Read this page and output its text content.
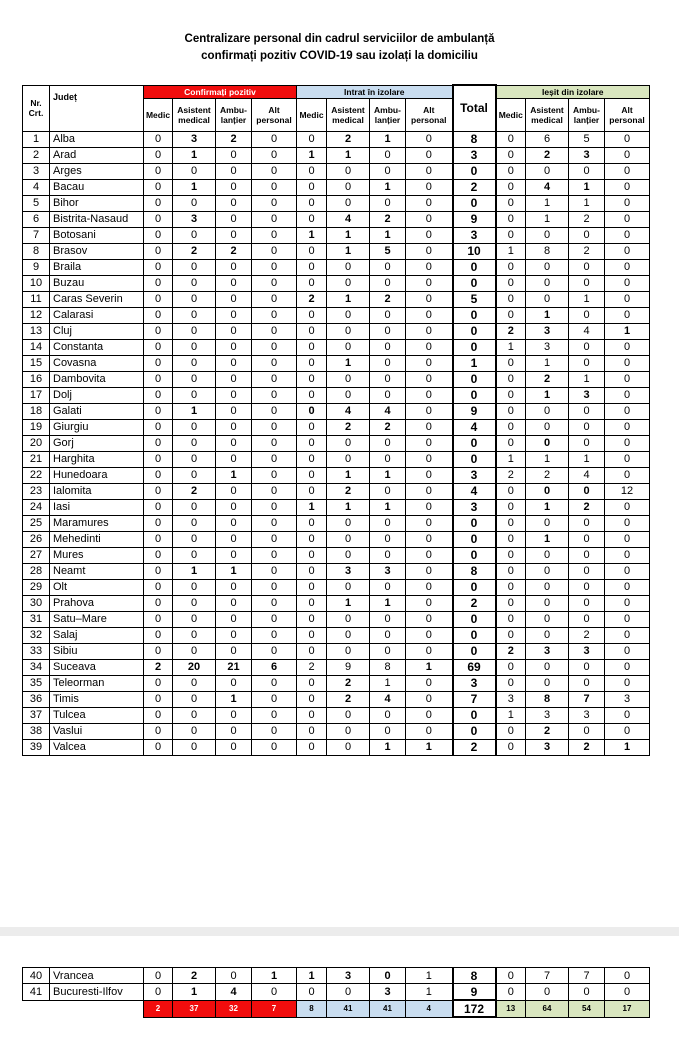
Centralizare personal din cadrul serviciilor de ambulanță
confirmați pozitiv COVID-19 sau izolați la domiciliu
Nr. Crt.	Județ	Confirmați pozitiv				Intrat în izolare				Total	Ieșit din izolare			
		Medic	Asistent medical	Ambu-lanțier	Alt personal	Medic	Asistent medical	Ambu-lanțier	Alt personal		Medic	Asistent medical	Ambu-lanțier	Alt personal
1	Alba	0	3	2	0	0	2	1	0	8	0	6	5	0
2	Arad	0	1	0	0	1	1	0	0	3	0	2	3	0
3	Arges	0	0	0	0	0	0	0	0	0	0	0	0	0
4	Bacau	0	1	0	0	0	0	1	0	2	0	4	1	0
5	Bihor	0	0	0	0	0	0	0	0	0	0	1	1	0
6	Bistrita-Nasaud	0	3	0	0	0	4	2	0	9	0	1	2	0
7	Botosani	0	0	0	0	1	1	1	0	3	0	0	0	0
8	Brasov	0	2	2	0	0	1	5	0	10	1	8	2	0
9	Braila	0	0	0	0	0	0	0	0	0	0	0	0	0
10	Buzau	0	0	0	0	0	0	0	0	0	0	0	0	0
11	Caras Severin	0	0	0	0	2	1	2	0	5	0	0	1	0
12	Calarasi	0	0	0	0	0	0	0	0	0	0	1	0	0
13	Cluj	0	0	0	0	0	0	0	0	0	2	3	4	1
14	Constanta	0	0	0	0	0	0	0	0	0	1	3	0	0
15	Covasna	0	0	0	0	0	1	0	0	1	0	1	0	0
16	Dambovita	0	0	0	0	0	0	0	0	0	0	2	1	0
17	Dolj	0	0	0	0	0	0	0	0	0	0	1	3	0
18	Galati	0	1	0	0	0	4	4	0	9	0	0	0	0
19	Giurgiu	0	0	0	0	0	2	2	0	4	0	0	0	0
20	Gorj	0	0	0	0	0	0	0	0	0	0	0	0	0
21	Harghita	0	0	0	0	0	0	0	0	0	1	1	1	0
22	Hunedoara	0	0	1	0	0	1	1	0	3	2	2	4	0
23	Ialomita	0	2	0	0	0	2	0	0	4	0	0	0	12
24	Iasi	0	0	0	0	1	1	1	0	3	0	1	2	0
25	Maramures	0	0	0	0	0	0	0	0	0	0	0	0	0
26	Mehedinti	0	0	0	0	0	0	0	0	0	0	1	0	0
27	Mures	0	0	0	0	0	0	0	0	0	0	0	0	0
28	Neamt	0	1	1	0	0	3	3	0	8	0	0	0	0
29	Olt	0	0	0	0	0	0	0	0	0	0	0	0	0
30	Prahova	0	0	0	0	0	1	1	0	2	0	0	0	0
31	Satu–Mare	0	0	0	0	0	0	0	0	0	0	0	0	0
32	Salaj	0	0	0	0	0	0	0	0	0	0	0	2	0
33	Sibiu	0	0	0	0	0	0	0	0	0	2	3	3	0
34	Suceava	2	20	21	6	2	9	8	1	69	0	0	0	0
35	Teleorman	0	0	0	0	0	2	1	0	3	0	0	0	0
36	Timis	0	0	1	0	0	2	4	0	7	3	8	7	3
37	Tulcea	0	0	0	0	0	0	0	0	0	1	3	3	0
38	Vaslui	0	0	0	0	0	0	0	0	0	0	2	0	0
39	Valcea	0	0	0	0	0	0	1	1	2	0	3	2	1
40	Vrancea	0	2	0	1	1	3	0	1	8	0	7	7	0
41	Bucuresti-Ilfov	0	1	4	0	0	0	3	1	9	0	0	0	0
		2	37	32	7	8	41	41	4	172	13	64	54	17
